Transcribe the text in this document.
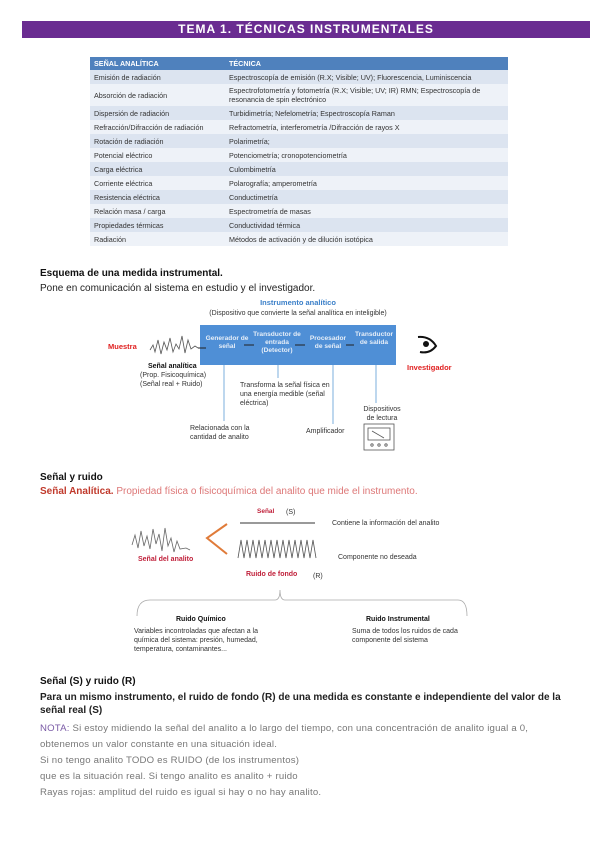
TEMA 1. TÉCNICAS INSTRUMENTALES
SEÑAL ANALÍTICA	TÉCNICA
Emisión de radiación	Espectroscopía de emisión (R.X; Visible; UV); Fluorescencia, Luminiscencia
Absorción de radiación	Espectrofotometría y fotometría (R.X; Visible; UV; IR) RMN; Espectroscopía de resonancia de spin electrónico
Dispersión de radiación	Turbidimetría; Nefelometría; Espectroscopía Raman
Refracción/Difracción de radiación	Refractometría, interferometría /Difracción de rayos X
Rotación de radiación	Polarimetría;
Potencial eléctrico	Potenciometría; cronopotenciometría
Carga eléctrica	Culombimetría
Corriente eléctrica	Polarografía; amperometría
Resistencia eléctrica	Conductimetría
Relación masa / carga	Espectrometría de masas
Propiedades térmicas	Conductividad térmica
Radiación	Métodos de activación y de dilución isotópica
Esquema de una medida instrumental.
Pone en comunicación al sistema en estudio y el investigador.
Instrumento analítico
(Dispositivo que convierte la señal analítica en inteligible)
Muestra
Generador de señal
Transductor de entrada (Detector)
Procesador de señal
Transductor de salida
Señal analítica
(Prop. Fisicoquímica)
(Señal real + Ruido)
Investigador
Transforma la señal física en una energía medible (señal eléctrica)
Relacionada con la cantidad de analito
Amplificador
Dispositivos de lectura
Señal y ruido
Señal Analítica. Propiedad física o fisicoquímica del analito que mide el instrumento.
Señal (S)
Contiene la información del analito
Componente no deseada
Señal del analito
Ruido de fondo (R)
Ruido Químico
Variables incontroladas que afectan a la química del sistema: presión, humedad, temperatura, contaminantes...
Ruido Instrumental
Suma de todos los ruidos de cada componente del sistema
Señal (S) y ruido (R)
Para un mismo instrumento, el ruido de fondo (R) de una medida es constante e independiente del valor de la señal real (S)
NOTA: Si estoy midiendo la señal del analito a lo largo del tiempo, con una concentración de analito igual a 0, obtenemos un valor constante en una situación ideal.
Si no tengo analito TODO es RUIDO (de los instrumentos)
que es la situación real. Si tengo analito es analito + ruido
Rayas rojas: amplitud del ruido es igual si hay o no hay analito.
